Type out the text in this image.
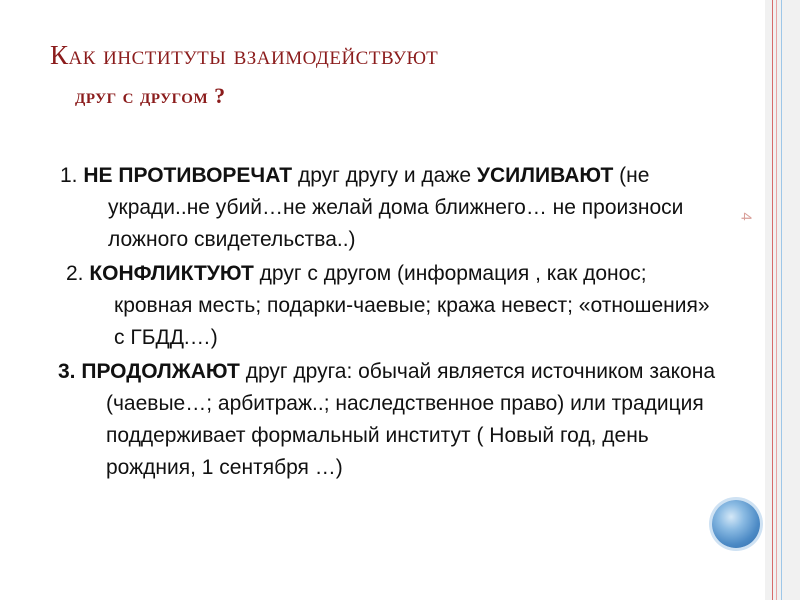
4
Как институты взаимодействуют
друг с другом ?
1. НЕ ПРОТИВОРЕЧАТ друг другу и даже УСИЛИВАЮТ (не укради..не убий…не желай дома ближнего… не произноси ложного свидетельства..)
2. КОНФЛИКТУЮТ друг с другом (информация , как донос; кровная месть; подарки-чаевые; кража невест; «отношения» с ГБДД.…)
3. ПРОДОЛЖАЮТ друг друга: обычай является источником закона (чаевые…; арбитраж..; наследственное право) или традиция поддерживает формальный институт ( Новый год, день рождния, 1 сентября …)
